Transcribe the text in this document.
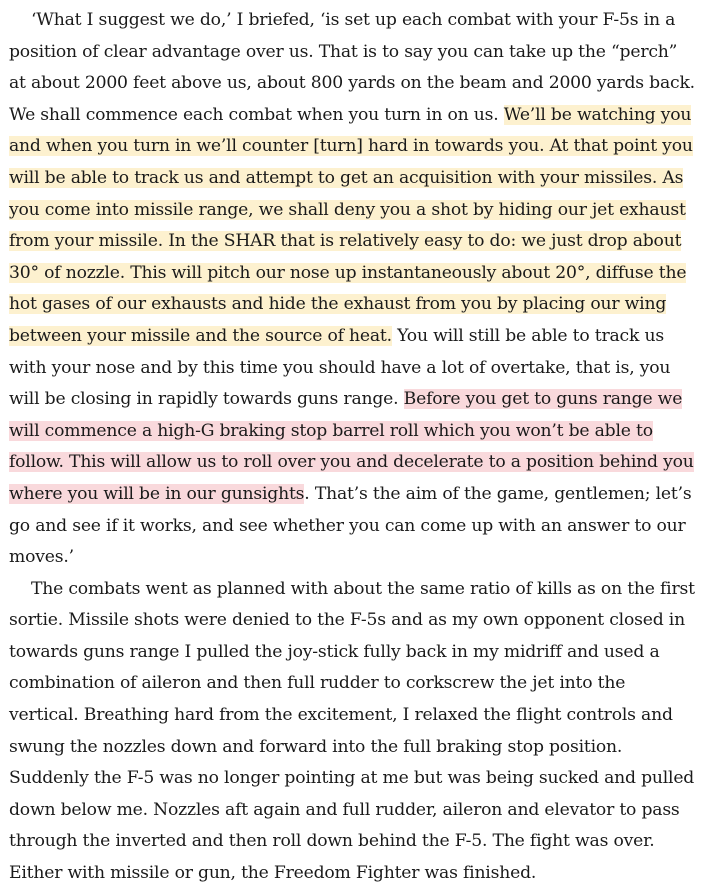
‘What I suggest we do,’ I briefed, ‘is set up each combat with your F-5s in a position of clear advantage over us. That is to say you can take up the “perch” at about 2000 feet above us, about 800 yards on the beam and 2000 yards back. We shall commence each combat when you turn in on us. We’ll be watching you and when you turn in we’ll counter [turn] hard in towards you. At that point you will be able to track us and attempt to get an acquisition with your missiles. As you come into missile range, we shall deny you a shot by hiding our jet exhaust from your missile. In the SHAR that is relatively easy to do: we just drop about 30° of nozzle. This will pitch our nose up instantaneously about 20°, diffuse the hot gases of our exhausts and hide the exhaust from you by placing our wing between your missile and the source of heat. You will still be able to track us with your nose and by this time you should have a lot of overtake, that is, you will be closing in rapidly towards guns range. Before you get to guns range we will commence a high-G braking stop barrel roll which you won’t be able to follow. This will allow us to roll over you and decelerate to a position behind you where you will be in our gunsights. That’s the aim of the game, gentlemen; let’s go and see if it works, and see whether you can come up with an answer to our moves.’

The combats went as planned with about the same ratio of kills as on the first sortie. Missile shots were denied to the F-5s and as my own opponent closed in towards guns range I pulled the joy-stick fully back in my midriff and used a combination of aileron and then full rudder to corkscrew the jet into the vertical. Breathing hard from the excitement, I relaxed the flight controls and swung the nozzles down and forward into the full braking stop position. Suddenly the F-5 was no longer pointing at me but was being sucked and pulled down below me. Nozzles aft again and full rudder, aileron and elevator to pass through the inverted and then roll down behind the F-5. The fight was over. Either with missile or gun, the Freedom Fighter was finished.
